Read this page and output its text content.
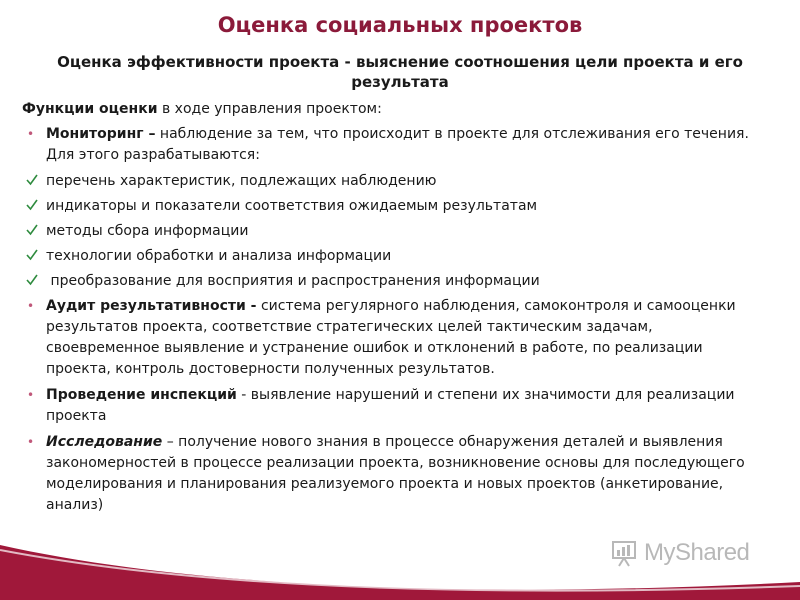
Оценка социальных проектов
Оценка эффективности проекта - выяснение соотношения цели проекта и его результата
Функции оценки в ходе управления проектом:
• Мониторинг – наблюдение за тем, что происходит в проекте для отслеживания его течения. Для этого разрабатываются:
перечень характеристик, подлежащих наблюдению
индикаторы и показатели соответствия ожидаемым результатам
методы сбора информации
технологии обработки и анализа информации
преобразование для восприятия и распространения информации
• Аудит результативности - система регулярного наблюдения, самоконтроля и самооценки результатов проекта, соответствие стратегических целей тактическим задачам, своевременное выявление и устранение ошибок и отклонений в работе, по реализации проекта, контроль достоверности полученных результатов.
• Проведение инспекций - выявление нарушений и степени их значимости для реализации проекта
• Исследование – получение нового знания в процессе обнаружения деталей и выявления закономерностей в процессе реализации проекта, возникновение основы для последующего моделирования и планирования реализуемого проекта и новых проектов (анкетирование, анализ)
MyShared
